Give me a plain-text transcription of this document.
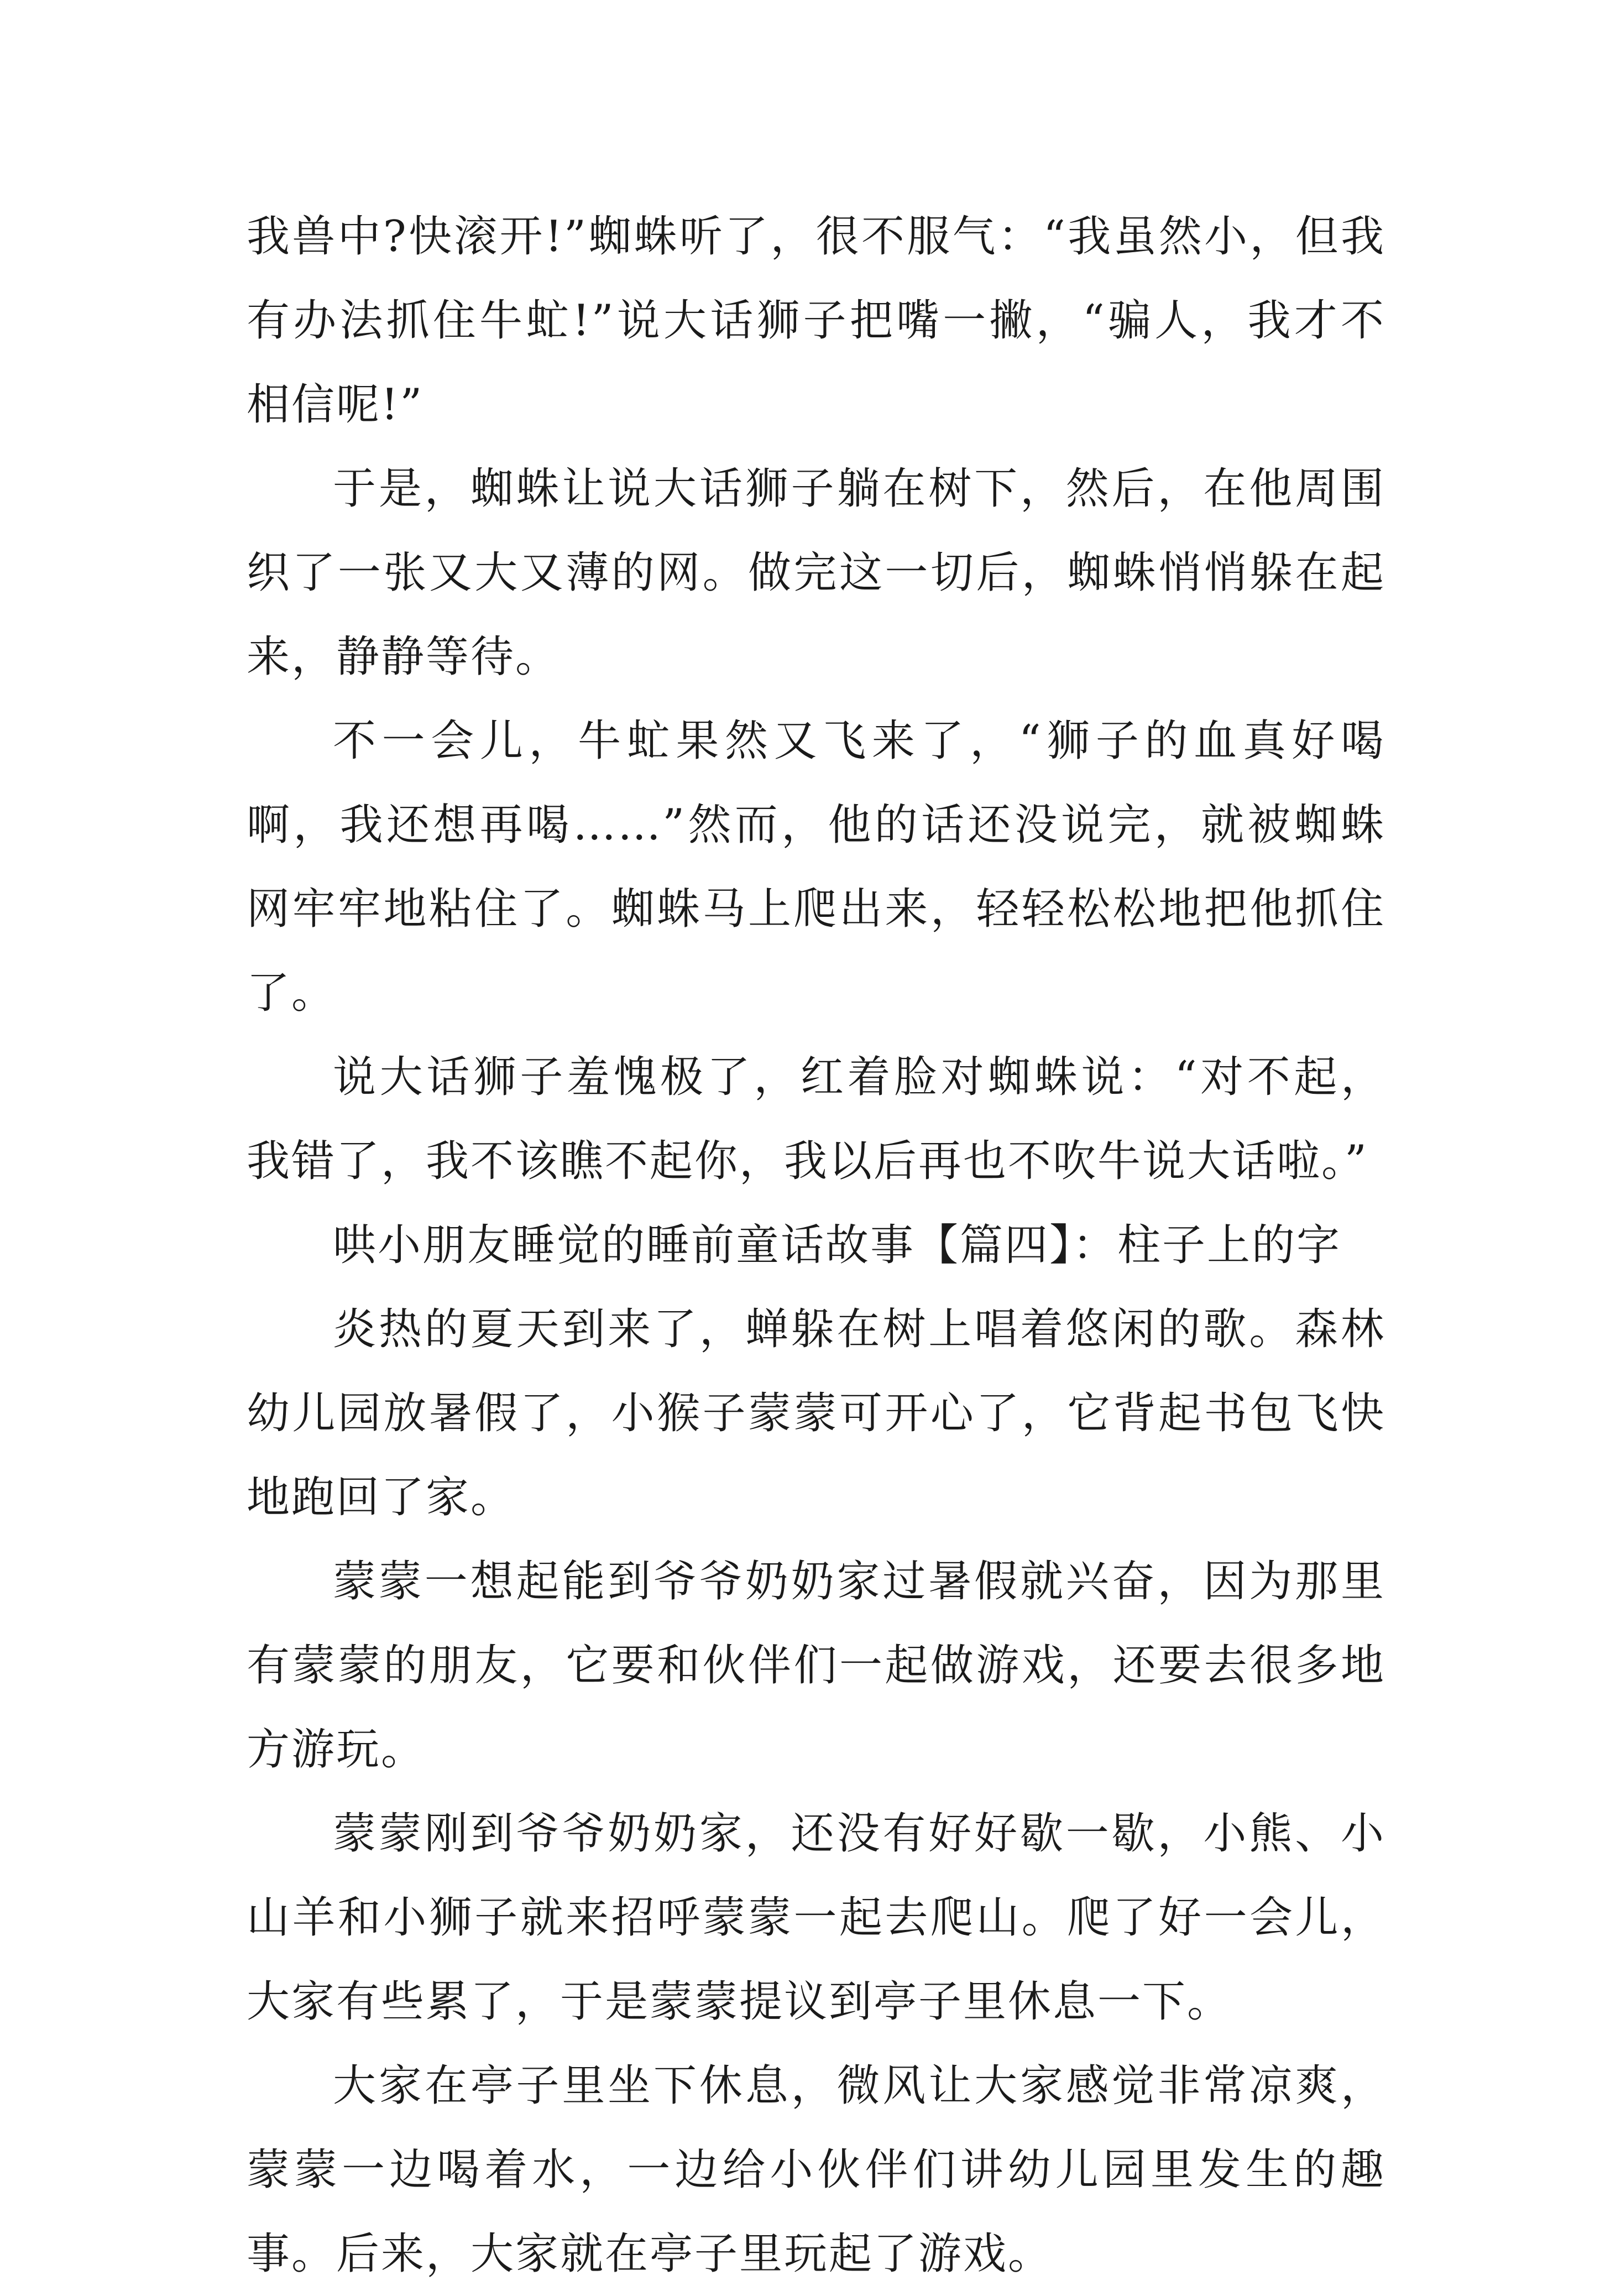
我兽中?快滚开!”蜘蛛听了，很不服气：“我虽然小，但我有办法抓住牛虻!”说大话狮子把嘴一撇，“骗人，我才不相信呢!”

于是，蜘蛛让说大话狮子躺在树下，然后，在他周围织了一张又大又薄的网。做完这一切后，蜘蛛悄悄躲在起来，静静等待。

不一会儿，牛虻果然又飞来了，“狮子的血真好喝啊，我还想再喝……”然而，他的话还没说完，就被蜘蛛网牢牢地粘住了。蜘蛛马上爬出来，轻轻松松地把他抓住了。

说大话狮子羞愧极了，红着脸对蜘蛛说：“对不起，我错了，我不该瞧不起你，我以后再也不吹牛说大话啦。”

哄小朋友睡觉的睡前童话故事【篇四】：柱子上的字

炎热的夏天到来了，蝉躲在树上唱着悠闲的歌。森林幼儿园放暑假了，小猴子蒙蒙可开心了，它背起书包飞快地跑回了家。

蒙蒙一想起能到爷爷奶奶家过暑假就兴奋，因为那里有蒙蒙的朋友，它要和伙伴们一起做游戏，还要去很多地方游玩。

蒙蒙刚到爷爷奶奶家，还没有好好歇一歇，小熊、小山羊和小狮子就来招呼蒙蒙一起去爬山。爬了好一会儿，大家有些累了，于是蒙蒙提议到亭子里休息一下。

大家在亭子里坐下休息，微风让大家感觉非常凉爽，蒙蒙一边喝着水，一边给小伙伴们讲幼儿园里发生的趣事。后来，大家就在亭子里玩起了游戏。
